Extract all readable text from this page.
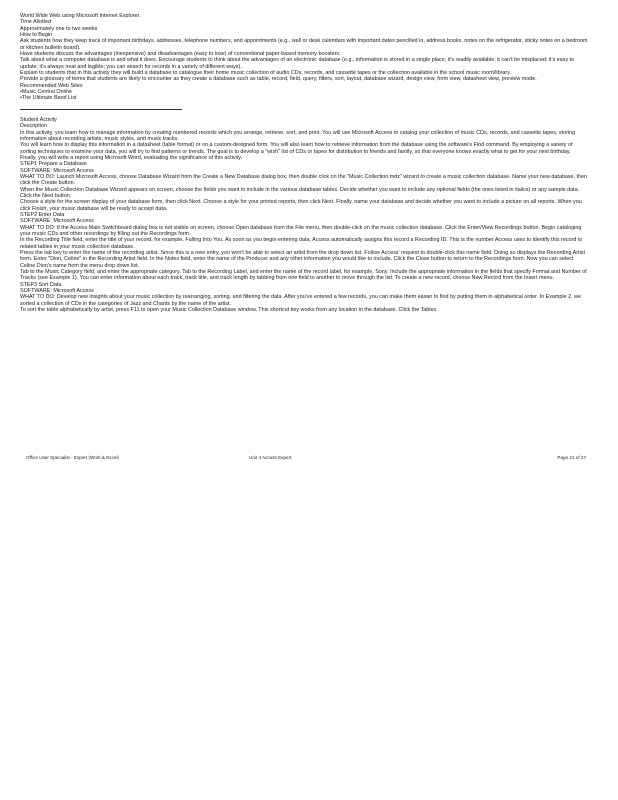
World Wide Web using Microsoft Internet Explorer.

Time Allotted

Approximately one to two weeks

How to Begin

Ask students how they keep track of important birthdays, addresses, telephone numbers, and appointments (e.g., wall or desk calendars with important dates pencilled in, address books, notes on the refrigerator, sticky notes on a bedroom or kitchen bulletin board).

Have students discuss the advantages (inexpensive) and disadvantages (easy to lose) of conventional paper-based memory boosters.

Talk about what a computer database is and what it does. Encourage students to think about the advantages of an electronic database (e.g., information is stored in a single place; it's readily available; it can't be misplaced; it's easy to update; it's always neat and legible; you can search for records in a variety of different ways).

Explain to students that in this activity they will build a database to catalogue their home music collection of audio CDs, records, and cassette tapes or the collection available in the school music room/library.

Provide a glossary of terms that students are likely to encounter as they create a database such as table, record, field, query, filters, sort, layout, database wizard, design view, form view, datasheet view, preview mode.

Recommended Web Sites

•Music Central Online

•The Ultimate Band List

Student Activity

Description

In this activity, you learn how to manage information by creating numbered records which you arrange, retrieve, sort, and print. You will use Microsoft Access to catalog your collection of music CDs, records, and cassette tapes, storing information about recording artists, music styles, and music tracks.

You will learn how to display this information in a datasheet (table format) or on a custom-designed form. You will also learn how to retrieve information from the database using the software's Find command. By employing a variety of sorting techniques to examine your data, you will try to find patterns or trends. The goal is to develop a "wish" list of CDs or tapes for distribution to friends and family, so that everyone knows exactly what to get for your next birthday. Finally, you will write a report using Microsoft Word, evaluating the significance of this activity.

STEP1 Prepare a Database

SOFTWARE: Microsoft Access

WHAT TO DO: Launch Microsoft Access, choose Database Wizard from the Create a New Database dialog box, then double click on the "Music Collection.mdz" wizard to create a music collection database. Name your new database, then click the Create button.

When the Music Collection Database Wizard appears on screen, choose the fields you want to include in the various database tables. Decide whether you want to include any optional fields (the ones listed in italics) or any sample data.

Click the Next button.

Choose a style for the screen display of your database form, then click Next. Choose a style for your printed reports, then click Next. Finally, name your database and decide whether you want to include a picture on all reports. When you click Finish, your music database will be ready to accept data.

STEP2 Enter Data

SOFTWARE: Microsoft Access

WHAT TO DO: If the Access Main Switchboard dialog box is not visible on screen, choose Open database from the File menu, then double-click on the music collection database. Click the Enter/View Recordings button. Begin cataloging your music CDs and other recordings by filling out the Recordings form.

In the Recording Title field, enter the title of your record, for example, Falling Into You. As soon as you begin entering data, Access automatically assigns this record a Recording ID. This is the number Access uses to identify this record to related tables in your music collection database.

Press the tab key to enter the name of the recording artist. Since this is a new entry, you won't be able to select an artist from the drop down list. Follow Access' request to double-click this name field. Doing so displays the Recording Artist form. Enter "Dion, Celine" in the Recording Artist field. In the Notes field, enter the name of the Producer and any other information you would like to include. Click the Close button to return to the Recordings form. Now you can select Celine Dion's name from the menu drop down list.

Tab to the Music Category field, and enter the appropriate category. Tab to the Recording Label, and enter the name of the record label, for example, Sony. Include the appropriate information in the fields that specify Format and Number of Tracks (see Example 1). You can enter information about each track, track title, and track length by tabbing from one field to another to move through the list. To create a new record, choose New Record from the Insert menu.

STEP3 Sort Data

SOFTWARE: Microsoft Access

WHAT TO DO: Develop new insights about your music collection by rearranging, sorting, and filtering the data. After you've entered a few records, you can make them easier to find by putting them in alphabetical order. In Example 2, we sorted a collection of CDs in the categories of Jazz and Chants by the name of the artist.

To sort the table alphabetically by artist, press F11 to open your Music Collection Database window. This shortcut key works from any location in the database. Click the Tables

Office User Specialist - Expert (Work & Excel)	Unit 4 Access Expert	Page 21 of 27
